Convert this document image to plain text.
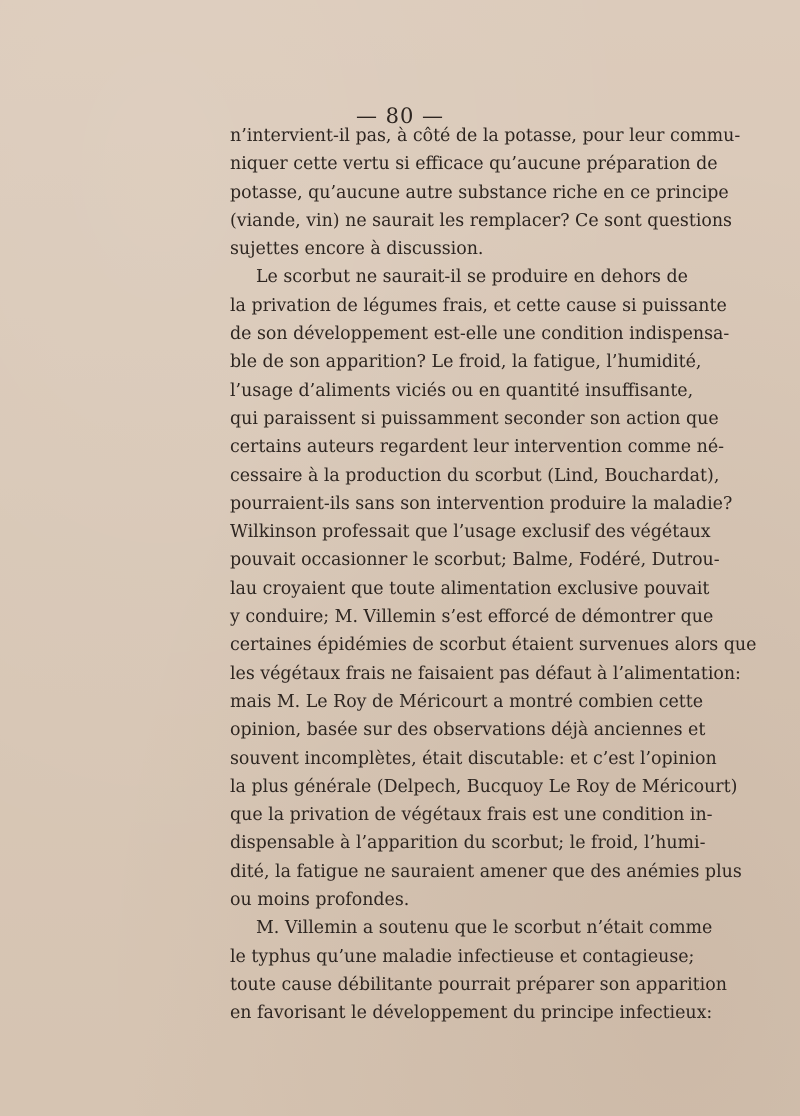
— 80 —
n’intervient-il pas, à côté de la potasse, pour leur commu-
niquer cette vertu si efficace qu’aucune préparation de
potasse, qu’aucune autre substance riche en ce principe
(viande, vin) ne saurait les remplacer? Ce sont questions
sujettes encore à discussion.
Le scorbut ne saurait-il se produire en dehors de
la privation de légumes frais, et cette cause si puissante
de son développement est-elle une condition indispensa-
ble de son apparition? Le froid, la fatigue, l’humidité,
l’usage d’aliments viciés ou en quantité insuffisante,
qui paraissent si puissamment seconder son action que
certains auteurs regardent leur intervention comme né-
cessaire à la production du scorbut (Lind, Bouchardat),
pourraient-ils sans son intervention produire la maladie?
Wilkinson professait que l’usage exclusif des végétaux
pouvait occasionner le scorbut; Balme, Fodéré, Dutrou-
lau croyaient que toute alimentation exclusive pouvait
y conduire; M. Villemin s’est efforcé de démontrer que
certaines épidémies de scorbut étaient survenues alors que
les végétaux frais ne faisaient pas défaut à l’alimentation:
mais M. Le Roy de Méricourt a montré combien cette
opinion, basée sur des observations déjà anciennes et
souvent incomplètes, était discutable: et c’est l’opinion
la plus générale (Delpech, Bucquoy Le Roy de Méricourt)
que la privation de végétaux frais est une condition in-
dispensable à l’apparition du scorbut; le froid, l’humi-
dité, la fatigue ne sauraient amener que des anémies plus
ou moins profondes.
M. Villemin a soutenu que le scorbut n’était comme
le typhus qu’une maladie infectieuse et contagieuse;
toute cause débilitante pourrait préparer son apparition
en favorisant le développement du principe infectieux:
